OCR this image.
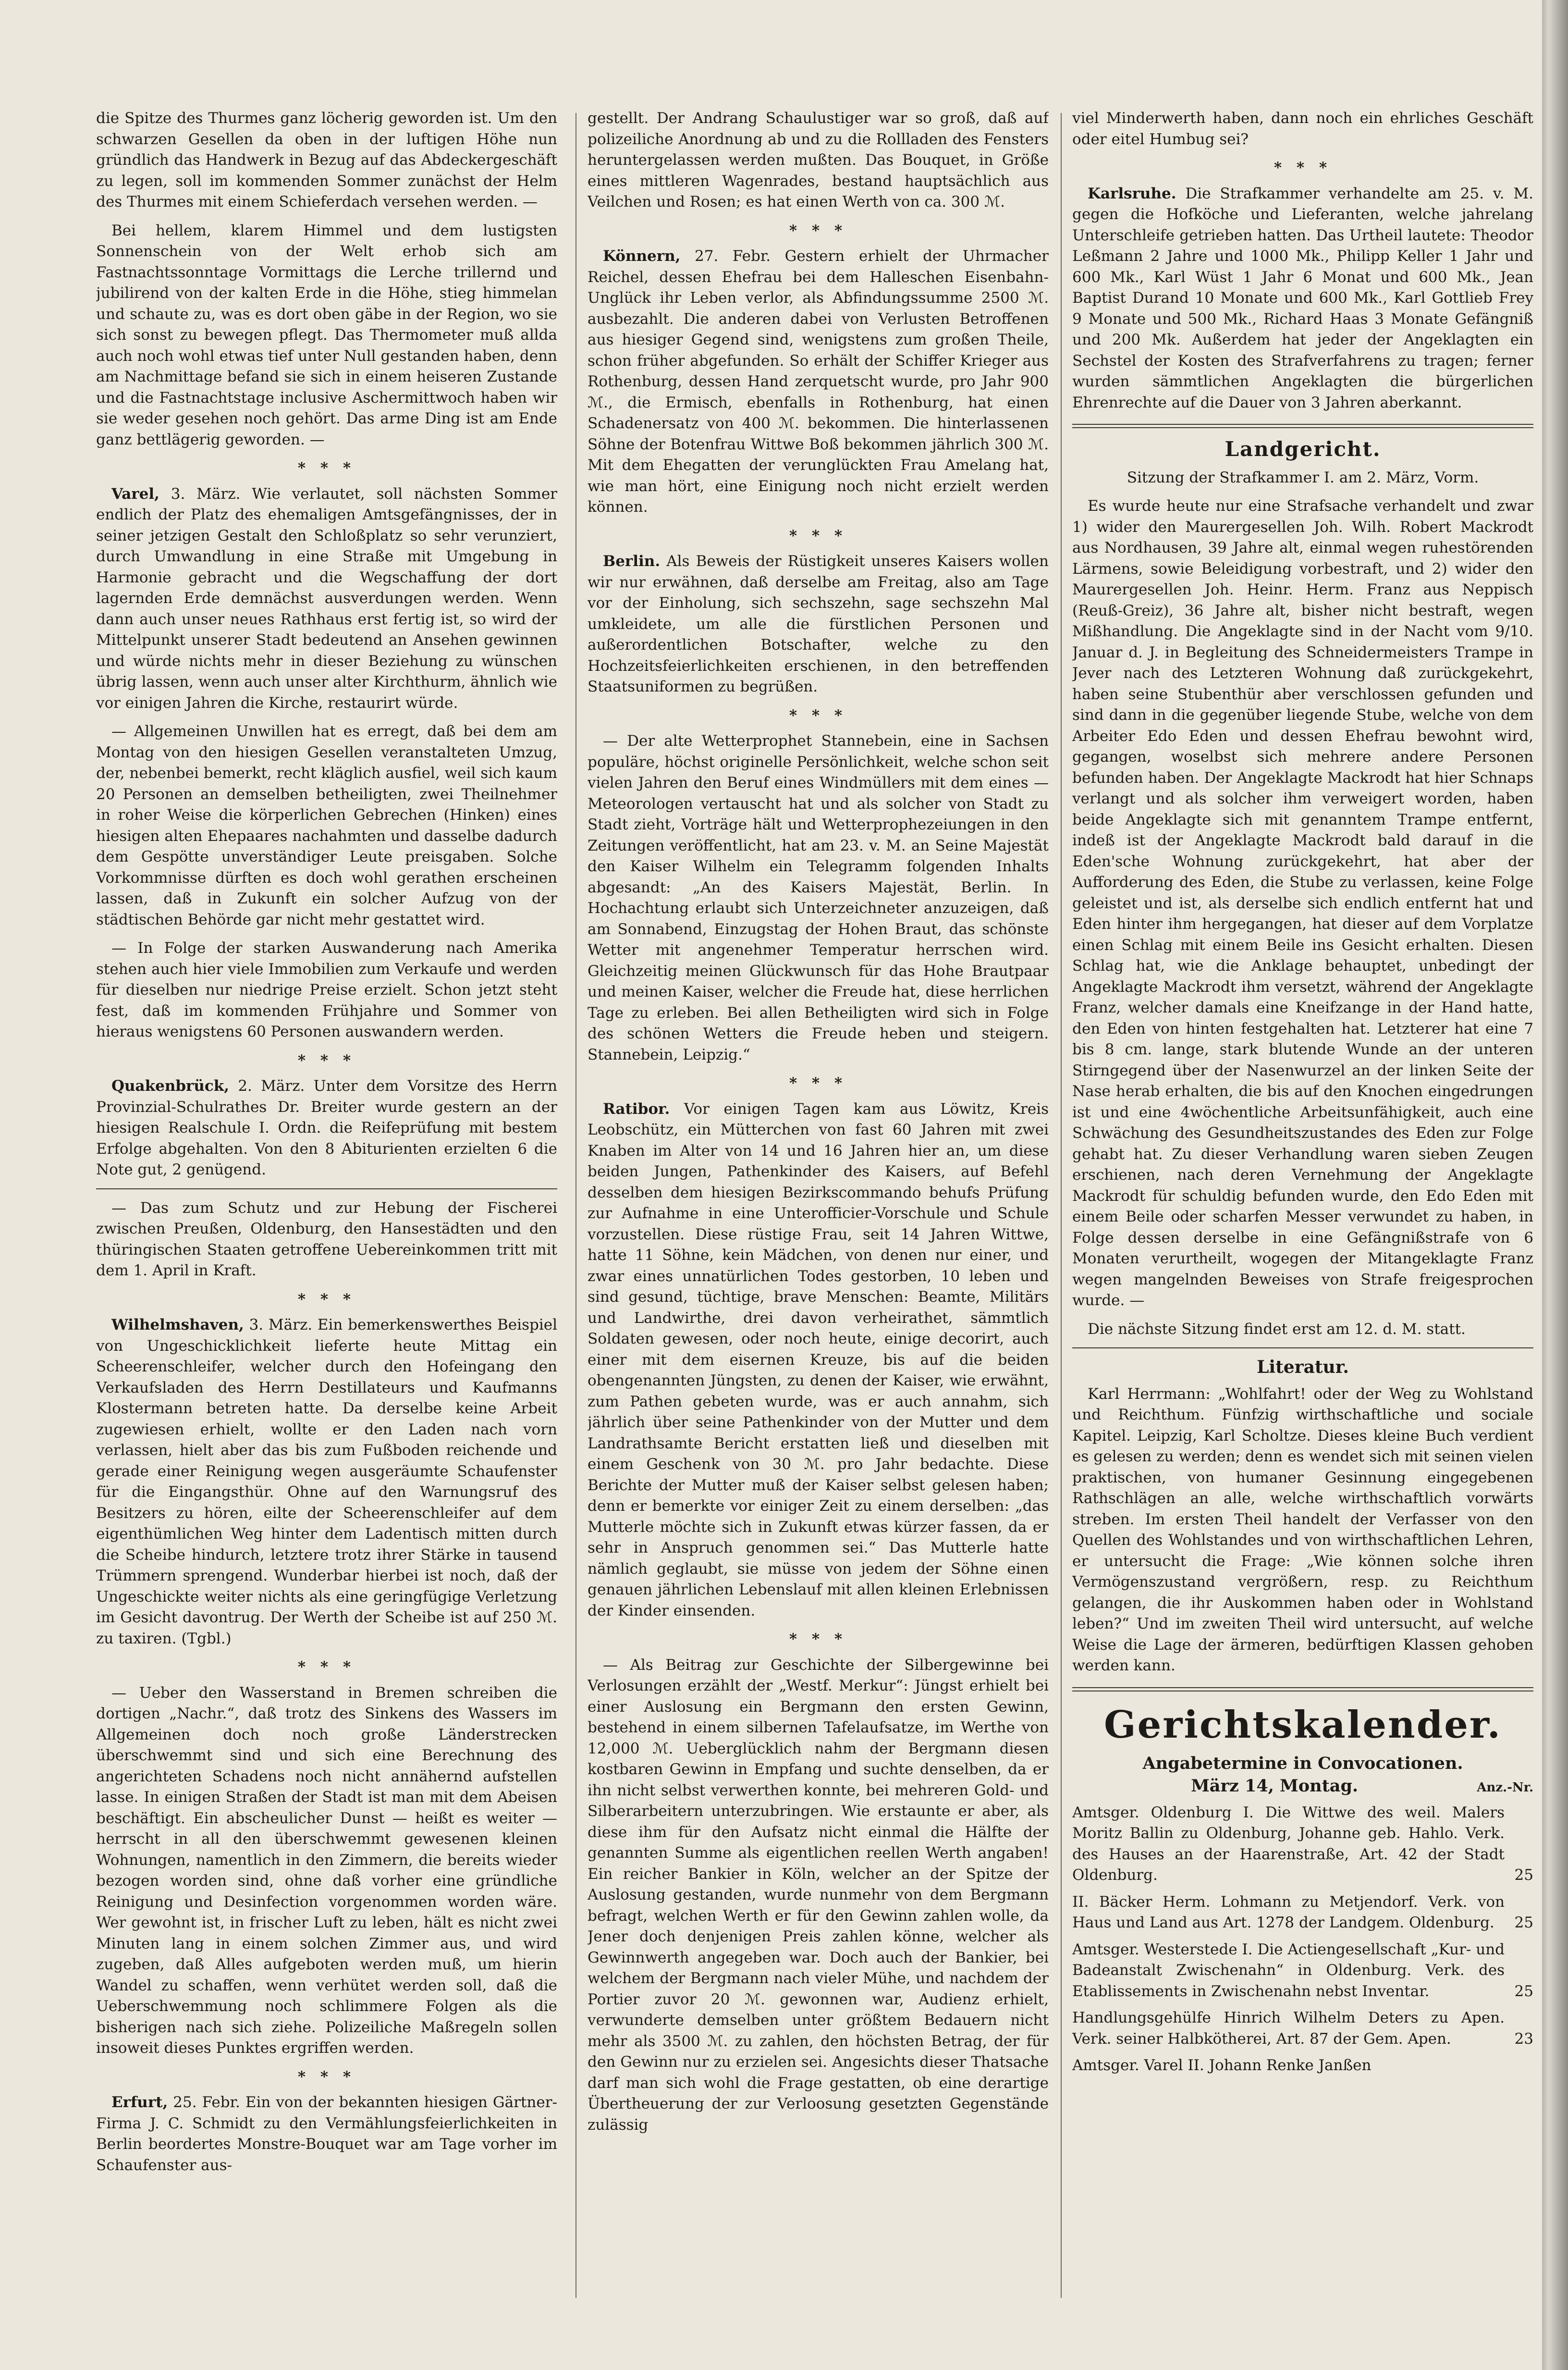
die Spitze des Thurmes ganz löcherig geworden ist. Um den schwarzen Gesellen da oben in der luftigen Höhe nun gründlich das Handwerk in Bezug auf das Abdeckergeschäft zu legen, soll im kommenden Sommer zunächst der Helm des Thurmes mit einem Schieferdach versehen werden. —

Bei hellem, klarem Himmel und dem lustigsten Sonnenschein von der Welt erhob sich am Fastnachtssonntage Vormittags die Lerche trillernd und jubilirend von der kalten Erde in die Höhe, stieg himmelan und schaute zu, was es dort oben gäbe in der Region, wo sie sich sonst zu bewegen pflegt. Das Thermometer muß allda auch noch wohl etwas tief unter Null gestanden haben, denn am Nachmittage befand sie sich in einem heiseren Zustande und die Fastnachtstage inclusive Aschermittwoch haben wir sie weder gesehen noch gehört. Das arme Ding ist am Ende ganz bettlägerig geworden. —

* * *

Varel, 3. März. Wie verlautet, soll nächsten Sommer endlich der Platz des ehemaligen Amtsgefängnisses, der in seiner jetzigen Gestalt den Schloßplatz so sehr verunziert, durch Umwandlung in eine Straße mit Umgebung in Harmonie gebracht und die Wegschaffung der dort lagernden Erde demnächst ausverdungen werden. Wenn dann auch unser neues Rathhaus erst fertig ist, so wird der Mittelpunkt unserer Stadt bedeutend an Ansehen gewinnen und würde nichts mehr in dieser Beziehung zu wünschen übrig lassen, wenn auch unser alter Kirchthurm, ähnlich wie vor einigen Jahren die Kirche, restaurirt würde.

— Allgemeinen Unwillen hat es erregt, daß bei dem am Montag von den hiesigen Gesellen veranstalteten Umzug, der, nebenbei bemerkt, recht kläglich ausfiel, weil sich kaum 20 Personen an demselben betheiligten, zwei Theilnehmer in roher Weise die körperlichen Gebrechen (Hinken) eines hiesigen alten Ehepaares nachahmten und dasselbe dadurch dem Gespötte unverständiger Leute preisgaben. Solche Vorkommnisse dürften es doch wohl gerathen erscheinen lassen, daß in Zukunft ein solcher Aufzug von der städtischen Behörde gar nicht mehr gestattet wird.

— In Folge der starken Auswanderung nach Amerika stehen auch hier viele Immobilien zum Verkaufe und werden für dieselben nur niedrige Preise erzielt. Schon jetzt steht fest, daß im kommenden Frühjahre und Sommer von hieraus wenigstens 60 Personen auswandern werden.

* * *

Quakenbrück, 2. März. Unter dem Vorsitze des Herrn Provinzial-Schulrathes Dr. Breiter wurde gestern an der hiesigen Realschule I. Ordn. die Reifeprüfung mit bestem Erfolge abgehalten. Von den 8 Abiturienten erzielten 6 die Note gut, 2 genügend.

— Das zum Schutz und zur Hebung der Fischerei zwischen Preußen, Oldenburg, den Hansestädten und den thüringischen Staaten getroffene Uebereinkommen tritt mit dem 1. April in Kraft.

* * *

Wilhelmshaven, 3. März. Ein bemerkenswerthes Beispiel von Ungeschicklichkeit lieferte heute Mittag ein Scheerenschleifer, welcher durch den Hofeingang den Verkaufsladen des Herrn Destillateurs und Kaufmanns Klostermann betreten hatte. Da derselbe keine Arbeit zugewiesen erhielt, wollte er den Laden nach vorn verlassen, hielt aber das bis zum Fußboden reichende und gerade einer Reinigung wegen ausgeräumte Schaufenster für die Eingangsthür. Ohne auf den Warnungsruf des Besitzers zu hören, eilte der Scheerenschleifer auf dem eigenthümlichen Weg hinter dem Ladentisch mitten durch die Scheibe hindurch, letztere trotz ihrer Stärke in tausend Trümmern sprengend. Wunderbar hierbei ist noch, daß der Ungeschickte weiter nichts als eine geringfügige Verletzung im Gesicht davontrug. Der Werth der Scheibe ist auf 250 ℳ. zu taxiren. (Tgbl.)

* * *

— Ueber den Wasserstand in Bremen schreiben die dortigen „Nachr.“, daß trotz des Sinkens des Wassers im Allgemeinen doch noch große Länderstrecken überschwemmt sind und sich eine Berechnung des angerichteten Schadens noch nicht annähernd aufstellen lasse. In einigen Straßen der Stadt ist man mit dem Abeisen beschäftigt. Ein abscheulicher Dunst — heißt es weiter — herrscht in all den überschwemmt gewesenen kleinen Wohnungen, namentlich in den Zimmern, die bereits wieder bezogen worden sind, ohne daß vorher eine gründliche Reinigung und Desinfection vorgenommen worden wäre. Wer gewohnt ist, in frischer Luft zu leben, hält es nicht zwei Minuten lang in einem solchen Zimmer aus, und wird zugeben, daß Alles aufgeboten werden muß, um hierin Wandel zu schaffen, wenn verhütet werden soll, daß die Ueberschwemmung noch schlimmere Folgen als die bisherigen nach sich ziehe. Polizeiliche Maßregeln sollen insoweit dieses Punktes ergriffen werden.

* * *

Erfurt, 25. Febr. Ein von der bekannten hiesigen Gärtner-Firma J. C. Schmidt zu den Vermählungsfeierlichkeiten in Berlin beordertes Monstre-Bouquet war am Tage vorher im Schaufenster aus-

gestellt. Der Andrang Schaulustiger war so groß, daß auf polizeiliche Anordnung ab und zu die Rollladen des Fensters heruntergelassen werden mußten. Das Bouquet, in Größe eines mittleren Wagenrades, bestand hauptsächlich aus Veilchen und Rosen; es hat einen Werth von ca. 300 ℳ.

* * *

Könnern, 27. Febr. Gestern erhielt der Uhrmacher Reichel, dessen Ehefrau bei dem Halleschen Eisenbahn-Unglück ihr Leben verlor, als Abfindungssumme 2500 ℳ. ausbezahlt. Die anderen dabei von Verlusten Betroffenen aus hiesiger Gegend sind, wenigstens zum großen Theile, schon früher abgefunden. So erhält der Schiffer Krieger aus Rothenburg, dessen Hand zerquetscht wurde, pro Jahr 900 ℳ., die Ermisch, ebenfalls in Rothenburg, hat einen Schadenersatz von 400 ℳ. bekommen. Die hinterlassenen Söhne der Botenfrau Wittwe Boß bekommen jährlich 300 ℳ. Mit dem Ehegatten der verunglückten Frau Amelang hat, wie man hört, eine Einigung noch nicht erzielt werden können.

* * *

Berlin. Als Beweis der Rüstigkeit unseres Kaisers wollen wir nur erwähnen, daß derselbe am Freitag, also am Tage vor der Einholung, sich sechszehn, sage sechszehn Mal umkleidete, um alle die fürstlichen Personen und außerordentlichen Botschafter, welche zu den Hochzeitsfeierlichkeiten erschienen, in den betreffenden Staatsuniformen zu begrüßen.

* * *

— Der alte Wetterprophet Stannebein, eine in Sachsen populäre, höchst originelle Persönlichkeit, welche schon seit vielen Jahren den Beruf eines Windmüllers mit dem eines — Meteorologen vertauscht hat und als solcher von Stadt zu Stadt zieht, Vorträge hält und Wetterprophezeiungen in den Zeitungen veröffentlicht, hat am 23. v. M. an Seine Majestät den Kaiser Wilhelm ein Telegramm folgenden Inhalts abgesandt: „An des Kaisers Majestät, Berlin. In Hochachtung erlaubt sich Unterzeichneter anzuzeigen, daß am Sonnabend, Einzugstag der Hohen Braut, das schönste Wetter mit angenehmer Temperatur herrschen wird. Gleichzeitig meinen Glückwunsch für das Hohe Brautpaar und meinen Kaiser, welcher die Freude hat, diese herrlichen Tage zu erleben. Bei allen Betheiligten wird sich in Folge des schönen Wetters die Freude heben und steigern. Stannebein, Leipzig.“

* * *

Ratibor. Vor einigen Tagen kam aus Löwitz, Kreis Leobschütz, ein Mütterchen von fast 60 Jahren mit zwei Knaben im Alter von 14 und 16 Jahren hier an, um diese beiden Jungen, Pathenkinder des Kaisers, auf Befehl desselben dem hiesigen Bezirkscommando behufs Prüfung zur Aufnahme in eine Unterofficier-Vorschule und Schule vorzustellen. Diese rüstige Frau, seit 14 Jahren Wittwe, hatte 11 Söhne, kein Mädchen, von denen nur einer, und zwar eines unnatürlichen Todes gestorben, 10 leben und sind gesund, tüchtige, brave Menschen: Beamte, Militärs und Landwirthe, drei davon verheirathet, sämmtlich Soldaten gewesen, oder noch heute, einige decorirt, auch einer mit dem eisernen Kreuze, bis auf die beiden obengenannten Jüngsten, zu denen der Kaiser, wie erwähnt, zum Pathen gebeten wurde, was er auch annahm, sich jährlich über seine Pathenkinder von der Mutter und dem Landrathsamte Bericht erstatten ließ und dieselben mit einem Geschenk von 30 ℳ. pro Jahr bedachte. Diese Berichte der Mutter muß der Kaiser selbst gelesen haben; denn er bemerkte vor einiger Zeit zu einem derselben: „das Mutterle möchte sich in Zukunft etwas kürzer fassen, da er sehr in Anspruch genommen sei.“ Das Mutterle hatte nämlich geglaubt, sie müsse von jedem der Söhne einen genauen jährlichen Lebenslauf mit allen kleinen Erlebnissen der Kinder einsenden.

* * *

— Als Beitrag zur Geschichte der Silbergewinne bei Verlosungen erzählt der „Westf. Merkur“: Jüngst erhielt bei einer Auslosung ein Bergmann den ersten Gewinn, bestehend in einem silbernen Tafelaufsatze, im Werthe von 12,000 ℳ. Ueberglücklich nahm der Bergmann diesen kostbaren Gewinn in Empfang und suchte denselben, da er ihn nicht selbst verwerthen konnte, bei mehreren Gold- und Silberarbeitern unterzubringen. Wie erstaunte er aber, als diese ihm für den Aufsatz nicht einmal die Hälfte der genannten Summe als eigentlichen reellen Werth angaben! Ein reicher Bankier in Köln, welcher an der Spitze der Auslosung gestanden, wurde nunmehr von dem Bergmann befragt, welchen Werth er für den Gewinn zahlen wolle, da Jener doch denjenigen Preis zahlen könne, welcher als Gewinnwerth angegeben war. Doch auch der Bankier, bei welchem der Bergmann nach vieler Mühe, und nachdem der Portier zuvor 20 ℳ. gewonnen war, Audienz erhielt, verwunderte demselben unter größtem Bedauern nicht mehr als 3500 ℳ. zu zahlen, den höchsten Betrag, der für den Gewinn nur zu erzielen sei. Angesichts dieser Thatsache darf man sich wohl die Frage gestatten, ob eine derartige Übertheuerung der zur Verloosung gesetzten Gegenstände zulässig

viel Minderwerth haben, dann noch ein ehrliches Geschäft oder eitel Humbug sei?

* * *

Karlsruhe. Die Strafkammer verhandelte am 25. v. M. gegen die Hofköche und Lieferanten, welche jahrelang Unterschleife getrieben hatten. Das Urtheil lautete: Theodor Leßmann 2 Jahre und 1000 Mk., Philipp Keller 1 Jahr und 600 Mk., Karl Wüst 1 Jahr 6 Monat und 600 Mk., Jean Baptist Durand 10 Monate und 600 Mk., Karl Gottlieb Frey 9 Monate und 500 Mk., Richard Haas 3 Monate Gefängniß und 200 Mk. Außerdem hat jeder der Angeklagten ein Sechstel der Kosten des Strafverfahrens zu tragen; ferner wurden sämmtlichen Angeklagten die bürgerlichen Ehrenrechte auf die Dauer von 3 Jahren aberkannt.

Landgericht.

Sitzung der Strafkammer I. am 2. März, Vorm.

Es wurde heute nur eine Strafsache verhandelt und zwar 1) wider den Maurergesellen Joh. Wilh. Robert Mackrodt aus Nordhausen, 39 Jahre alt, einmal wegen ruhestörenden Lärmens, sowie Beleidigung vorbestraft, und 2) wider den Maurergesellen Joh. Heinr. Herm. Franz aus Neppisch (Reuß-Greiz), 36 Jahre alt, bisher nicht bestraft, wegen Mißhandlung. Die Angeklagte sind in der Nacht vom 9/10. Januar d. J. in Begleitung des Schneidermeisters Trampe in Jever nach des Letzteren Wohnung daß zurückgekehrt, haben seine Stubenthür aber verschlossen gefunden und sind dann in die gegenüber liegende Stube, welche von dem Arbeiter Edo Eden und dessen Ehefrau bewohnt wird, gegangen, woselbst sich mehrere andere Personen befunden haben. Der Angeklagte Mackrodt hat hier Schnaps verlangt und als solcher ihm verweigert worden, haben beide Angeklagte sich mit genanntem Trampe entfernt, indeß ist der Angeklagte Mackrodt bald darauf in die Eden'sche Wohnung zurückgekehrt, hat aber der Aufforderung des Eden, die Stube zu verlassen, keine Folge geleistet und ist, als derselbe sich endlich entfernt hat und Eden hinter ihm hergegangen, hat dieser auf dem Vorplatze einen Schlag mit einem Beile ins Gesicht erhalten. Diesen Schlag hat, wie die Anklage behauptet, unbedingt der Angeklagte Mackrodt ihm versetzt, während der Angeklagte Franz, welcher damals eine Kneifzange in der Hand hatte, den Eden von hinten festgehalten hat. Letzterer hat eine 7 bis 8 cm. lange, stark blutende Wunde an der unteren Stirngegend über der Nasenwurzel an der linken Seite der Nase herab erhalten, die bis auf den Knochen eingedrungen ist und eine 4wöchentliche Arbeitsunfähigkeit, auch eine Schwächung des Gesundheitszustandes des Eden zur Folge gehabt hat. Zu dieser Verhandlung waren sieben Zeugen erschienen, nach deren Vernehmung der Angeklagte Mackrodt für schuldig befunden wurde, den Edo Eden mit einem Beile oder scharfen Messer verwundet zu haben, in Folge dessen derselbe in eine Gefängnißstrafe von 6 Monaten verurtheilt, wogegen der Mitangeklagte Franz wegen mangelnden Beweises von Strafe freigesprochen wurde. —

Die nächste Sitzung findet erst am 12. d. M. statt.

Literatur.

Karl Herrmann: „Wohlfahrt! oder der Weg zu Wohlstand und Reichthum. Fünfzig wirthschaftliche und sociale Kapitel. Leipzig, Karl Scholtze. Dieses kleine Buch verdient es gelesen zu werden; denn es wendet sich mit seinen vielen praktischen, von humaner Gesinnung eingegebenen Rathschlägen an alle, welche wirthschaftlich vorwärts streben. Im ersten Theil handelt der Verfasser von den Quellen des Wohlstandes und von wirthschaftlichen Lehren, er untersucht die Frage: „Wie können solche ihren Vermögenszustand vergrößern, resp. zu Reichthum gelangen, die ihr Auskommen haben oder in Wohlstand leben?“ Und im zweiten Theil wird untersucht, auf welche Weise die Lage der ärmeren, bedürftigen Klassen gehoben werden kann.

Gerichtskalender.
Angabetermine in Convocationen.
März 14, Montag.	Anz.-Nr.
Amtsger. Oldenburg I. Die Wittwe des weil. Malers Moritz Ballin zu Oldenburg, Johanne geb. Hahlo. Verk. des Hauses an der Haarenstraße, Art. 42 der Stadt Oldenburg.	25
II. Bäcker Herm. Lohmann zu Metjendorf. Verk. von Haus und Land aus Art. 1278 der Landgem. Oldenburg. 25
Amtsger. Westerstede I. Die Actiengesellschaft „Kur- und Badeanstalt Zwischenahn“ in Oldenburg. Verk. des Etablissements in Zwischenahn nebst Inventar.	25
Handlungsgehülfe Hinrich Wilhelm Deters zu Apen. Verk. seiner Halbkötherei, Art. 87 der Gem. Apen.	23
Amtsger. Varel II. Johann Renke Janßen
